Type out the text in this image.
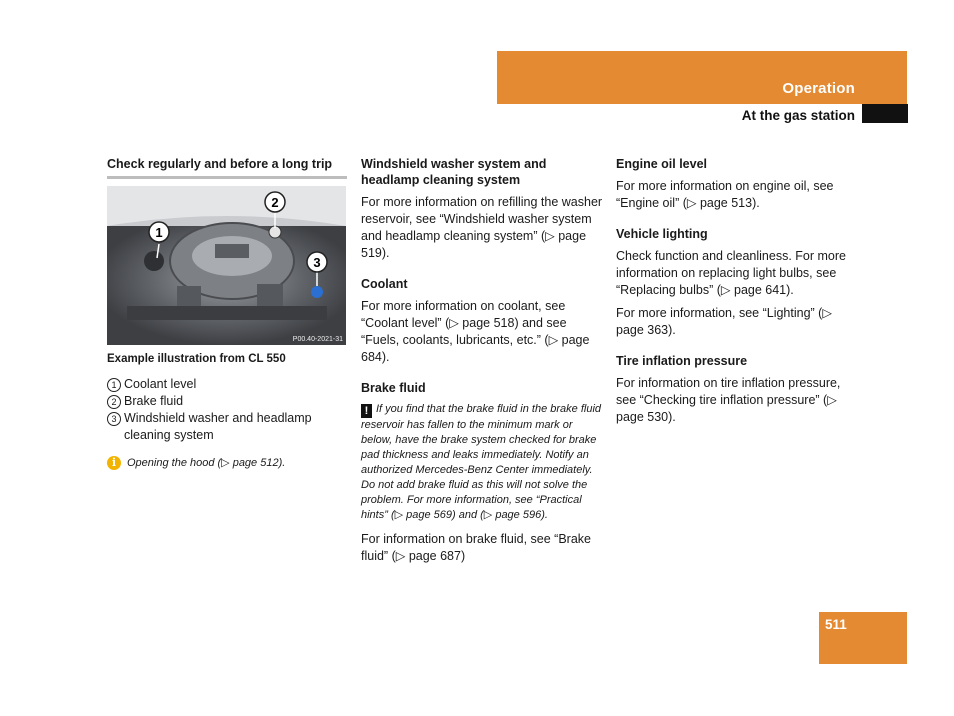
Operation
At the gas station
Check regularly and before a long trip
1
2
3
P00.40-2021-31
Example illustration from CL 550
1 Coolant level
2 Brake fluid
3 Windshield washer and headlamp cleaning system
i Opening the hood (▷ page 512).
Windshield washer system and headlamp cleaning system

For more information on refilling the washer reservoir, see “Windshield washer system and headlamp cleaning system” (▷ page 519).

Coolant

For more information on coolant, see “Coolant level” (▷ page 518) and see “Fuels, coolants, lubricants, etc.” (▷ page 684).

Brake fluid
! If you find that the brake fluid in the brake fluid reservoir has fallen to the minimum mark or below, have the brake system checked for brake pad thickness and leaks immediately. Notify an authorized Mercedes-Benz Center immediately. Do not add brake fluid as this will not solve the problem. For more information, see “Practical hints” (▷ page 569) and (▷ page 596).

For information on brake fluid, see “Brake fluid” (▷ page 687)

Engine oil level

For more information on engine oil, see “Engine oil” (▷ page 513).

Vehicle lighting

Check function and cleanliness. For more information on replacing light bulbs, see “Replacing bulbs” (▷ page 641).

For more information, see “Lighting” (▷ page 363).

Tire inflation pressure

For information on tire inflation pressure, see “Checking tire inflation pressure” (▷ page 530).

511
